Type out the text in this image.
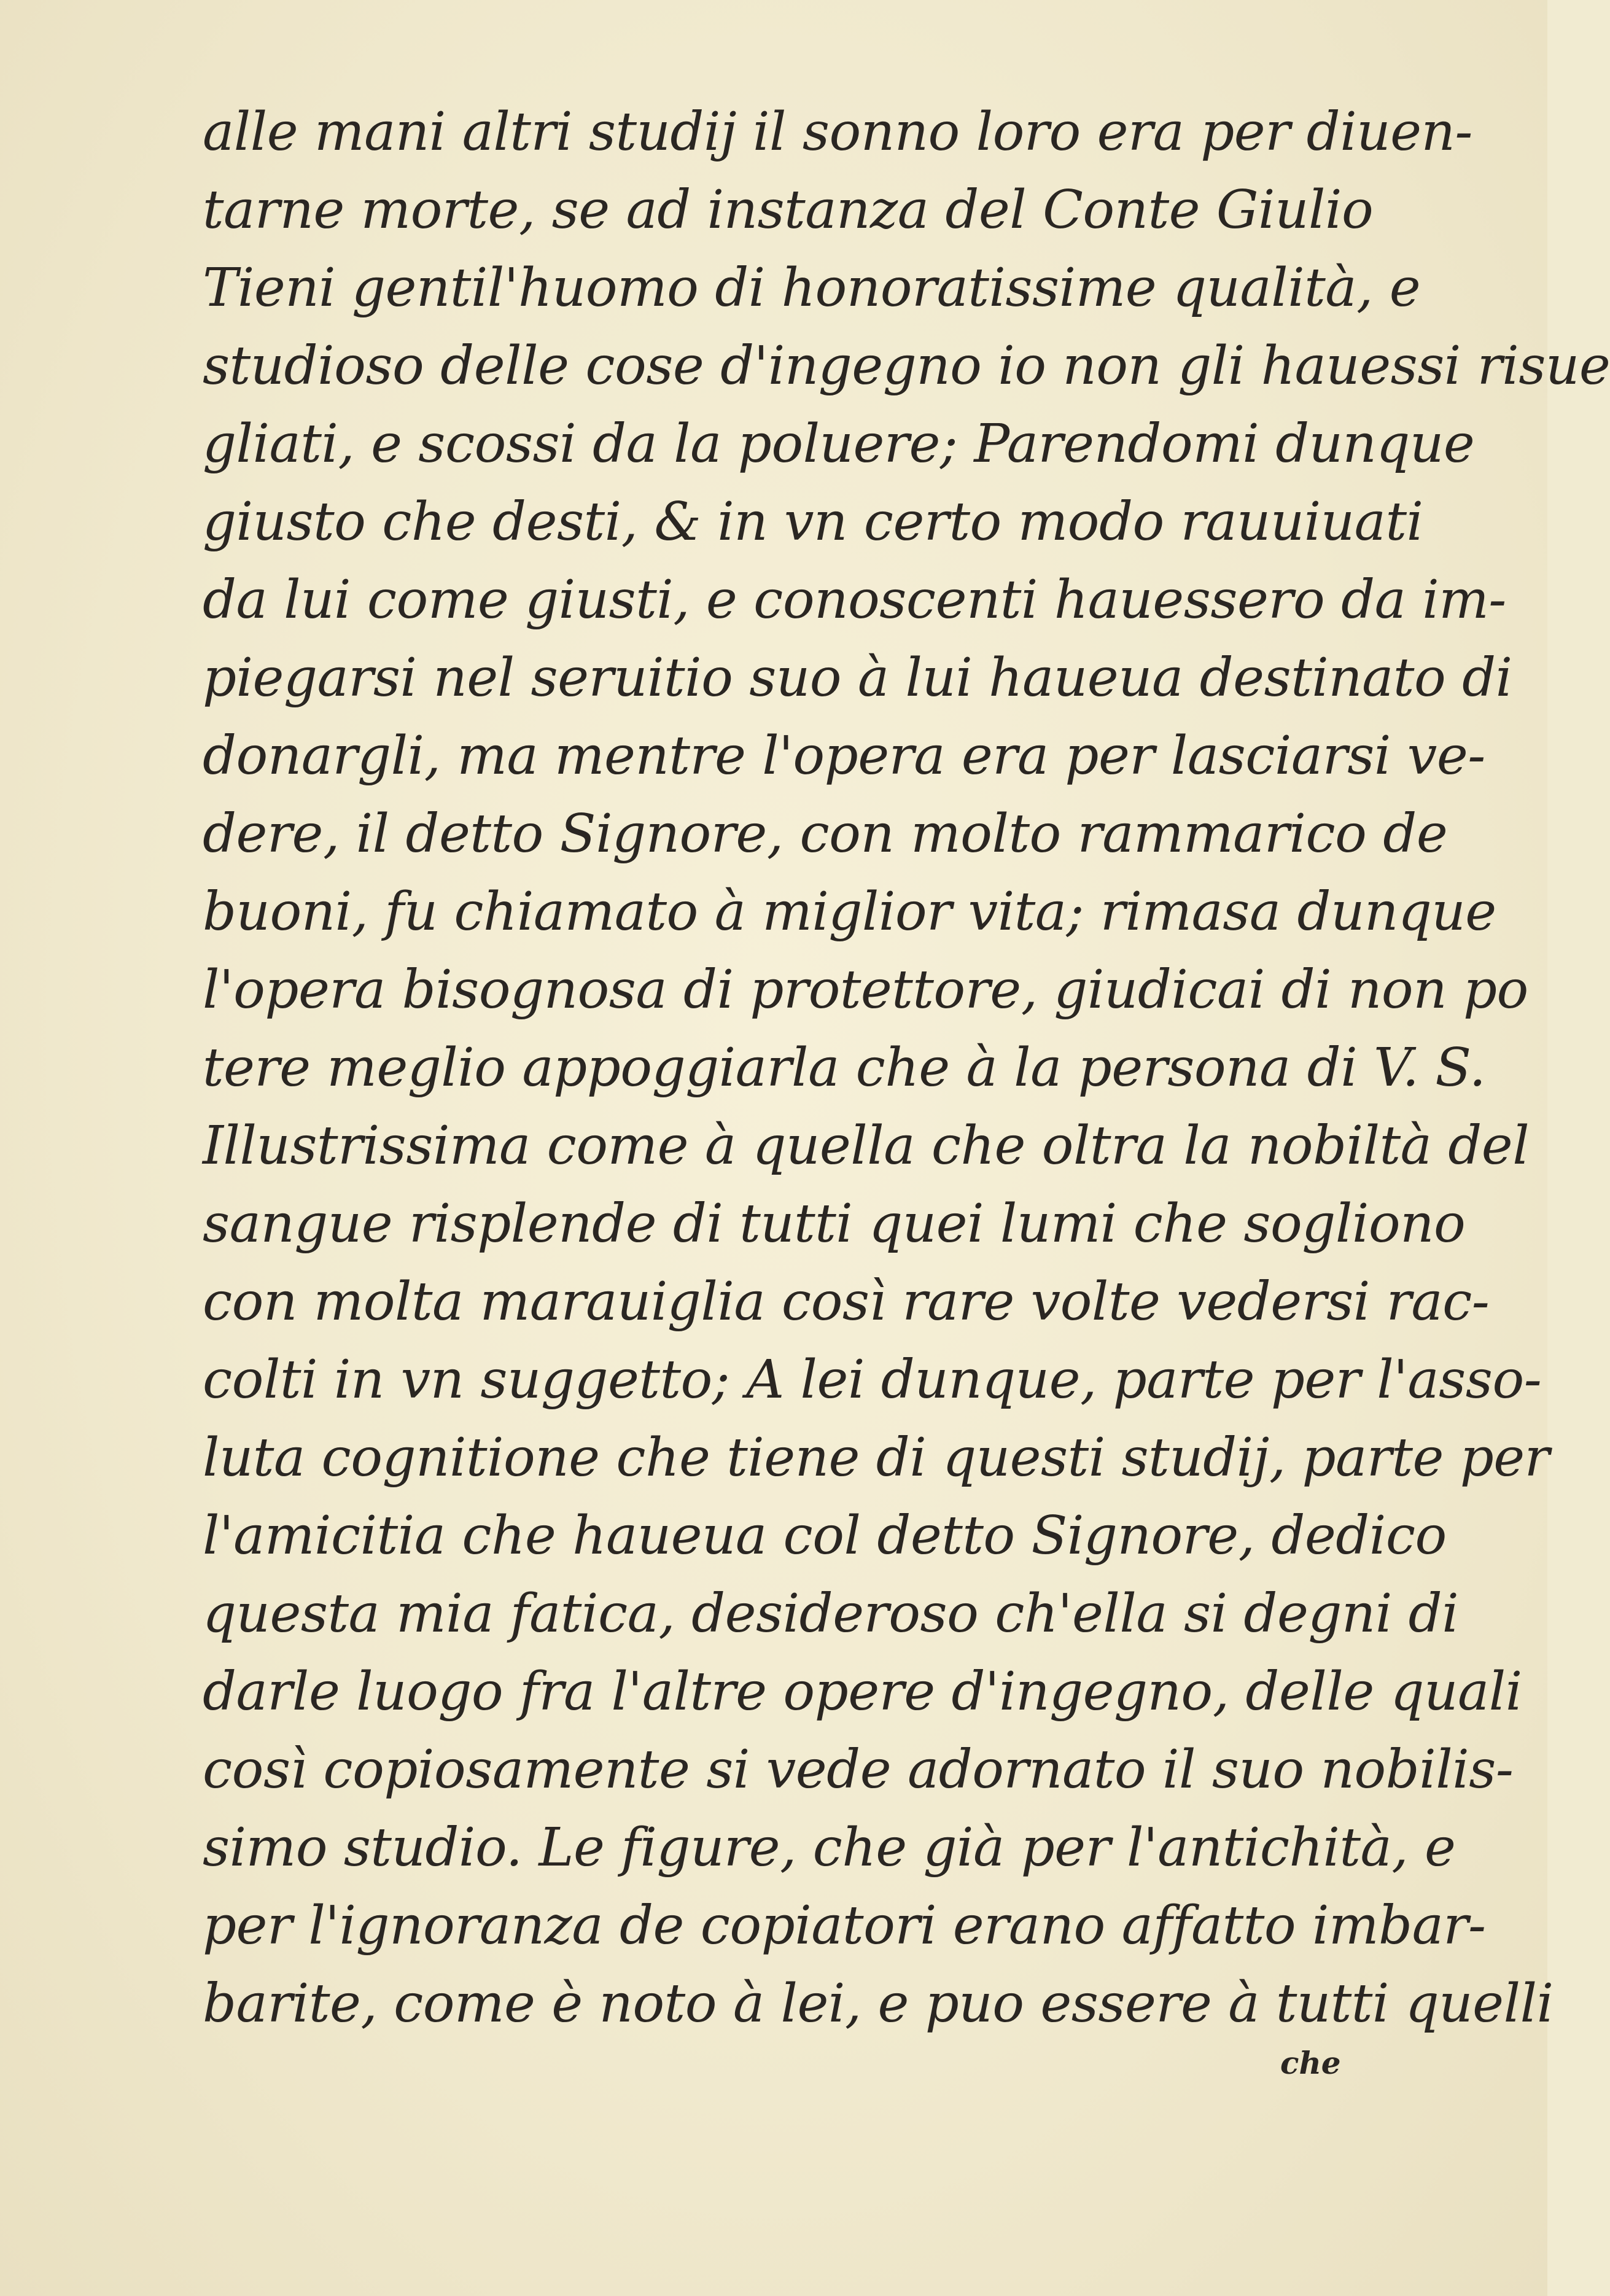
alle mani altri studij il sonno loro era per diuen-
tarne morte, se ad instanza del Conte Giulio
Tieni gentil'huomo di honoratissime qualità, e
studioso delle cose d'ingegno io non gli hauessi risue
gliati, e scossi da la poluere; Parendomi dunque
giusto che desti, & in vn certo modo rauuiuati
da lui come giusti, e conoscenti hauessero da im-
piegarsi nel seruitio suo à lui haueua destinato di
donargli, ma mentre l'opera era per lasciarsi ve-
dere, il detto Signore, con molto rammarico de
buoni, fu chiamato à miglior vita; rimasa dunque
l'opera bisognosa di protettore, giudicai di non po
tere meglio appoggiarla che à la persona di V. S.
Illustrissima come à quella che oltra la nobiltà del
sangue risplende di tutti quei lumi che sogliono
con molta marauiglia così rare volte vedersi rac-
colti in vn suggetto; A lei dunque, parte per l'asso-
luta cognitione che tiene di questi studij, parte per
l'amicitia che haueua col detto Signore, dedico
questa mia fatica, desideroso ch'ella si degni di
darle luogo fra l'altre opere d'ingegno, delle quali
così copiosamente si vede adornato il suo nobilis-
simo studio. Le figure, che già per l'antichità, e
per l'ignoranza de copiatori erano affatto imbar-
barite, come è noto à lei, e puo essere à tutti quelli
che
